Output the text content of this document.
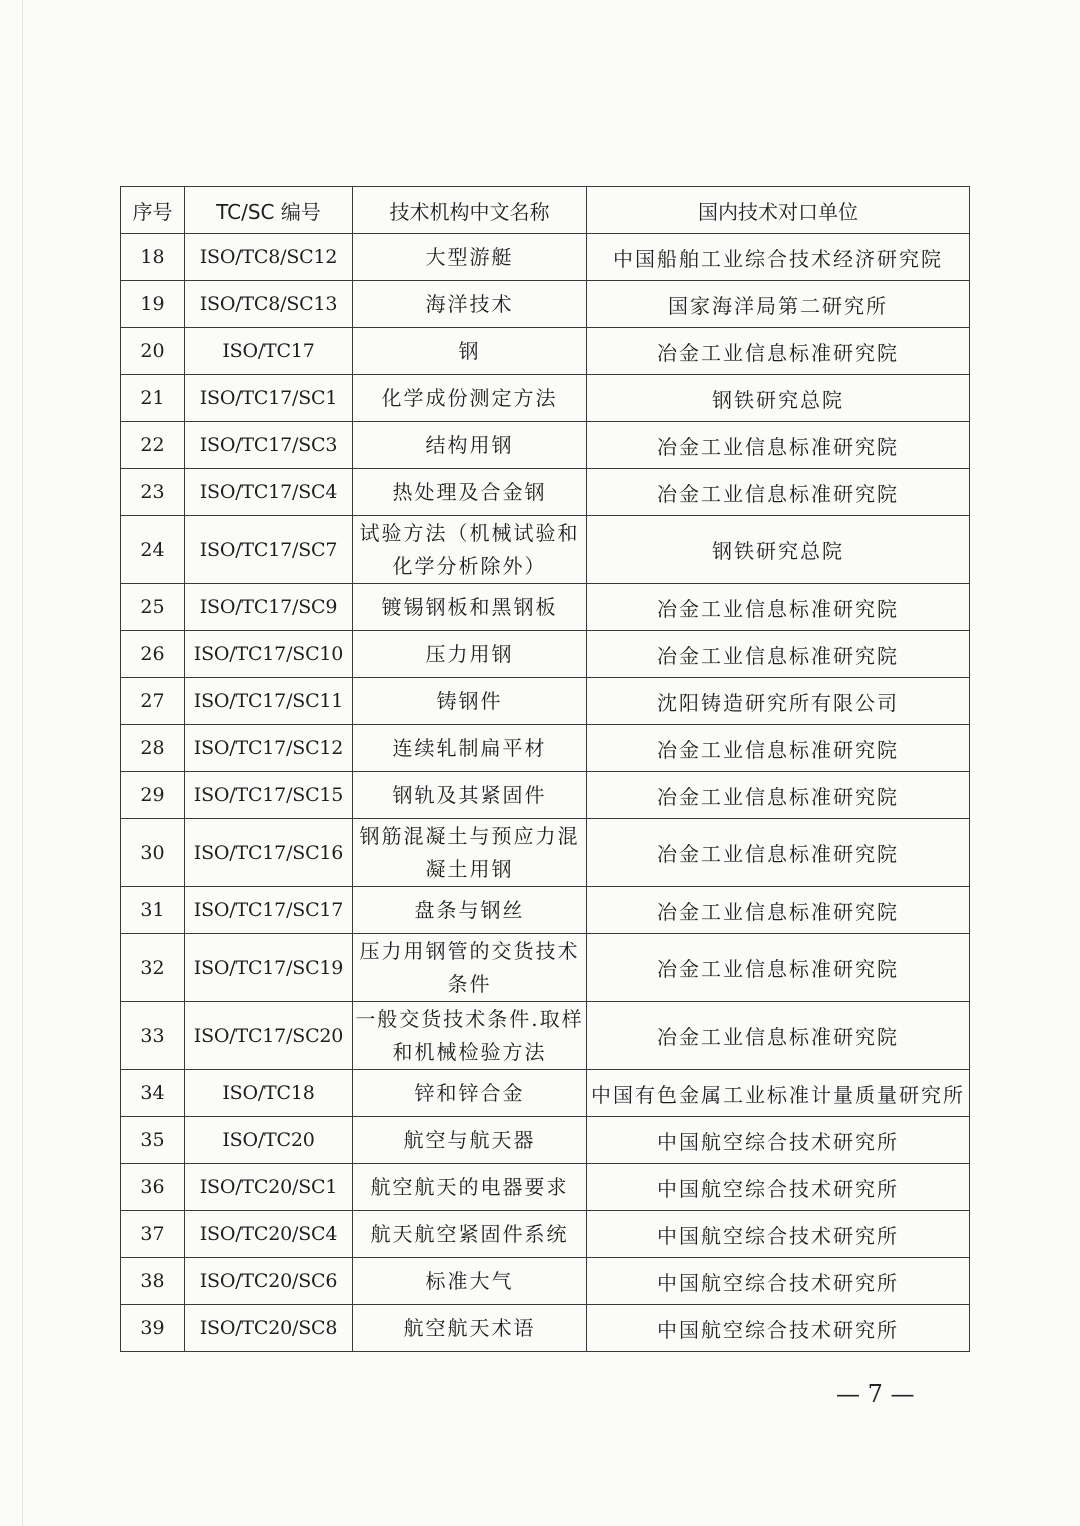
序号	TC/SC 编号	技术机构中文名称	国内技术对口单位
18	ISO/TC8/SC12	大型游艇	中国船舶工业综合技术经济研究院
19	ISO/TC8/SC13	海洋技术	国家海洋局第二研究所
20	ISO/TC17	钢	冶金工业信息标准研究院
21	ISO/TC17/SC1	化学成份测定方法	钢铁研究总院
22	ISO/TC17/SC3	结构用钢	冶金工业信息标准研究院
23	ISO/TC17/SC4	热处理及合金钢	冶金工业信息标准研究院
24	ISO/TC17/SC7	试验方法（机械试验和化学分析除外）	钢铁研究总院
25	ISO/TC17/SC9	镀锡钢板和黑钢板	冶金工业信息标准研究院
26	ISO/TC17/SC10	压力用钢	冶金工业信息标准研究院
27	ISO/TC17/SC11	铸钢件	沈阳铸造研究所有限公司
28	ISO/TC17/SC12	连续轧制扁平材	冶金工业信息标准研究院
29	ISO/TC17/SC15	钢轨及其紧固件	冶金工业信息标准研究院
30	ISO/TC17/SC16	钢筋混凝土与预应力混凝土用钢	冶金工业信息标准研究院
31	ISO/TC17/SC17	盘条与钢丝	冶金工业信息标准研究院
32	ISO/TC17/SC19	压力用钢管的交货技术条件	冶金工业信息标准研究院
33	ISO/TC17/SC20	一般交货技术条件.取样和机械检验方法	冶金工业信息标准研究院
34	ISO/TC18	锌和锌合金	中国有色金属工业标准计量质量研究所
35	ISO/TC20	航空与航天器	中国航空综合技术研究所
36	ISO/TC20/SC1	航空航天的电器要求	中国航空综合技术研究所
37	ISO/TC20/SC4	航天航空紧固件系统	中国航空综合技术研究所
38	ISO/TC20/SC6	标准大气	中国航空综合技术研究所
39	ISO/TC20/SC8	航空航天术语	中国航空综合技术研究所
— 7 —
